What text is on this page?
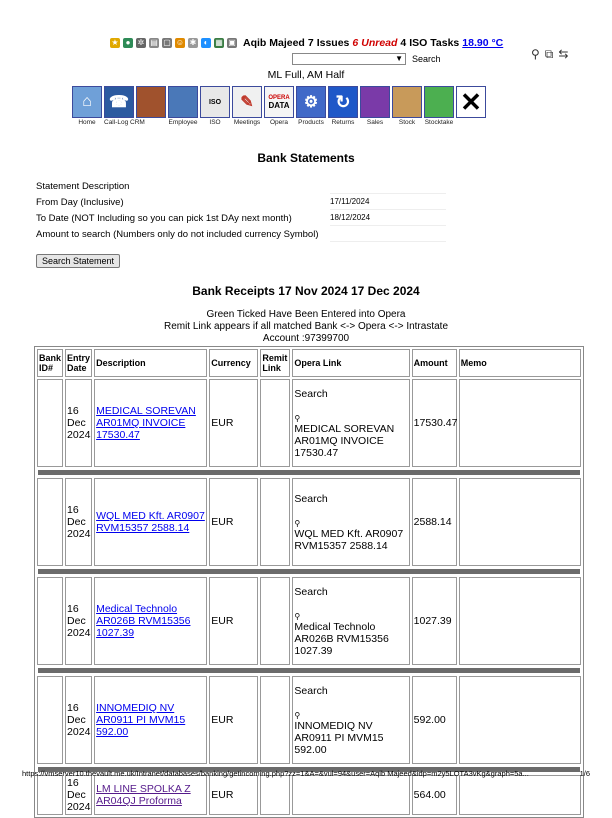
★ ● ✲ ▤ ▢ ☺ ✱ ◐ ▦ ▣ Aqib Majeed 7 Issues 6 Unread 4 ISO Tasks 18.90 °C
▼ Search	⚲ ⧉ ⇆
ML Full, AM Half
⌂
Home
☎
Call-Log CRM	Employee
ISO
ISO
✎
Meetings
OPERA
DATA
Opera
⚙
Products
↻
Returns	Sales	Stock	Stocktake
✕
Bank Statements
Statement Description
From Day (Inclusive)	17/11/2024
To Date (NOT Including so you can pick 1st DAy next month)	18/12/2024
Amount to search (Numbers only do not included currency Symbol)
Search Statement
Bank Receipts 17 Nov 2024 17 Dec 2024
Green Ticked Have Been Entered into Opera
Remit Link appears if all matched Bank <-> Opera <-> Intrastate
Account :97399700
Bank ID#	Entry Date	Description	Currency	Remit Link	Opera Link	Amount	Memo
	16 Dec 2024	MEDICAL SOREVAN AR01MQ INVOICE 17530.47	EUR		Search
⚲
MEDICAL SOREVAN AR01MQ INVOICE 17530.47	17530.47	

	16 Dec 2024	WQL MED Kft. AR0907 RVM15357 2588.14	EUR		Search
⚲
WQL MED Kft. AR0907 RVM15357 2588.14	2588.14	

	16 Dec 2024	Medical Technolo AR026B RVM15356 1027.39	EUR		Search
⚲
Medical Technolo AR026B RVM15356 1027.39	1027.39	

	16 Dec 2024	INNOMEDIQ NV AR0911 PI MVM15 592.00	EUR		Search
⚲
INNOMEDIQ NV AR0911 PI MVM15 592.00	592.00	

	16 Dec 2024	LM LINE SPOLKA Z AR04QJ Proforma	EUR			564.00	
https://vmserver10.thevault.me.uk/Intranet/databases/banking/getincoming.php?zz=1&A=&vul=94&user=Aqib Majeed&idp=m2y5LOTA3vKg&graph=5a...	1/6
